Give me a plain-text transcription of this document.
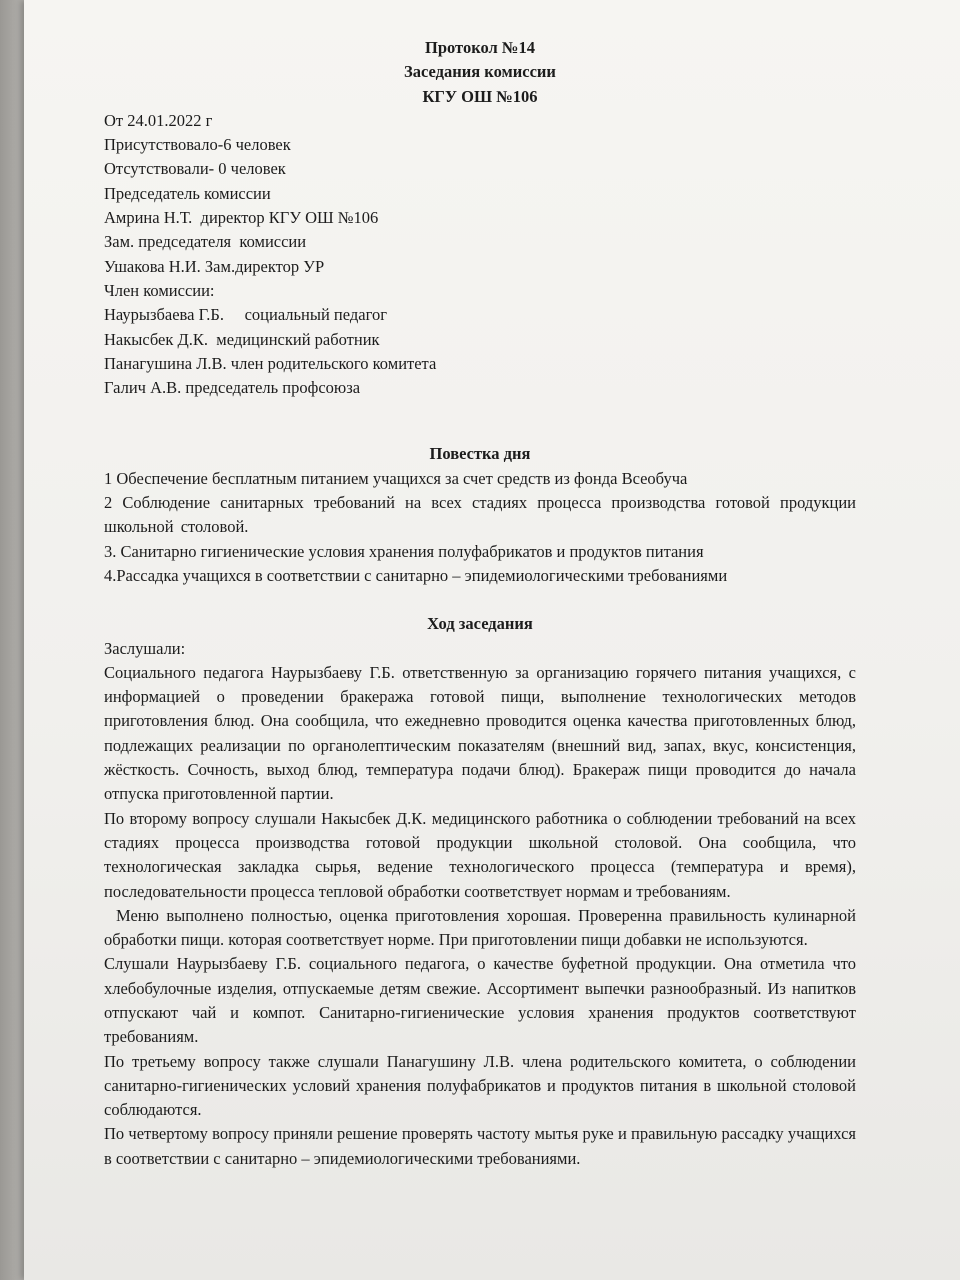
Протокол №14
Заседания комиссии
КГУ ОШ №106
От 24.01.2022 г
Присутствовало-6 человек
Отсутствовали- 0 человек
Председатель комиссии
Амрина Н.Т.  директор КГУ ОШ №106
Зам. председателя  комиссии
Ушакова Н.И. Зам.директор УР
Член комиссии:
Наурызбаева Г.Б.     социальный педагог
Накысбек Д.К.  медицинский работник
Панагушина Л.В. член родительского комитета
Галич А.В. председатель профсоюза
Повестка дня

1 Обеспечение бесплатным питанием учащихся за счет средств из фонда Всеобуча

2 Соблюдение санитарных требований на всех стадиях процесса производства готовой продукции школьной столовой.

3. Санитарно гигиенические условия хранения полуфабрикатов и продуктов питания

4.Рассадка учащихся в соответствии с санитарно – эпидемиологическими требованиями

Ход заседания
Заслушали:

Социального педагога Наурызбаеву Г.Б. ответственную за организацию горячего питания учащихся, с информацией о проведении бракеража готовой пищи, выполнение технологических методов приготовления блюд. Она сообщила, что ежедневно проводится оценка качества приготовленных блюд, подлежащих реализации по органолептическим показателям (внешний вид, запах, вкус, консистенция, жёсткость. Сочность, выход блюд, температура подачи блюд). Бракераж пищи проводится до начала отпуска приготовленной партии.

По второму вопросу слушали Накысбек Д.К. медицинского работника о соблюдении требований на всех стадиях процесса производства готовой продукции школьной столовой. Она сообщила, что технологическая закладка сырья, ведение технологического процесса (температура и время), последовательности процесса тепловой обработки соответствует нормам и требованиям.

Меню выполнено полностью, оценка приготовления хорошая. Проверенна правильность кулинарной обработки пищи. которая соответствует норме. При приготовлении пищи добавки не используются.

Слушали Наурызбаеву Г.Б. социального педагога, о качестве буфетной продукции. Она отметила что хлебобулочные изделия, отпускаемые детям свежие. Ассортимент выпечки разнообразный. Из напитков отпускают чай и компот. Санитарно-гигиенические условия хранения продуктов соответствуют требованиям.

По третьему вопросу также слушали Панагушину Л.В. члена родительского комитета, о соблюдении санитарно-гигиенических условий хранения полуфабрикатов и продуктов питания в школьной столовой соблюдаются.

По четвертому вопросу приняли решение проверять частоту мытья руке и правильную рассадку учащихся в соответствии с санитарно – эпидемиологическими требованиями.
